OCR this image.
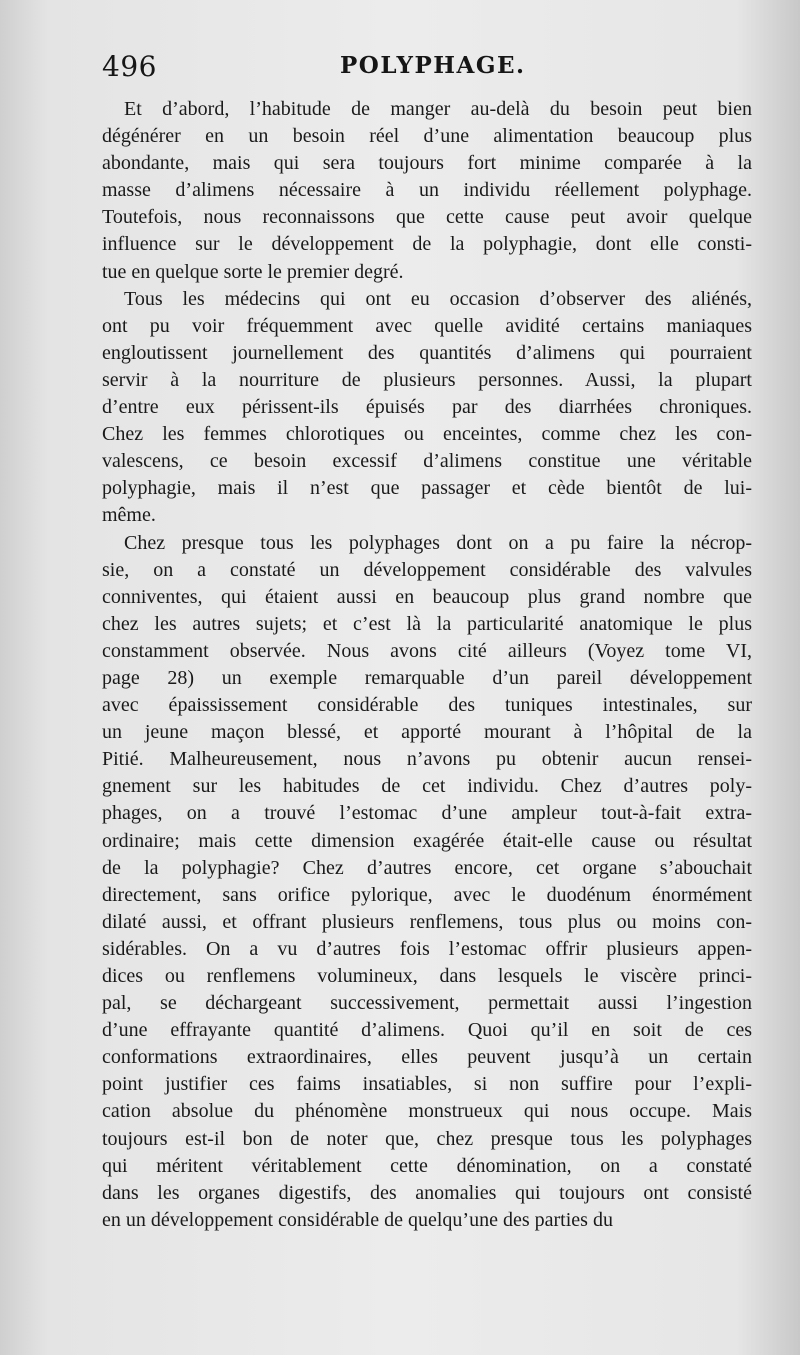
496	POLYPHAGE.
Et d’abord, l’habitude de manger au-delà du besoin peut bien
dégénérer en un besoin réel d’une alimentation beaucoup plus
abondante, mais qui sera toujours fort minime comparée à la
masse d’alimens nécessaire à un individu réellement polyphage.
Toutefois, nous reconnaissons que cette cause peut avoir quelque
influence sur le développement de la polyphagie, dont elle consti-
tue en quelque sorte le premier degré.
Tous les médecins qui ont eu occasion d’observer des aliénés,
ont pu voir fréquemment avec quelle avidité certains maniaques
engloutissent journellement des quantités d’alimens qui pourraient
servir à la nourriture de plusieurs personnes. Aussi, la plupart
d’entre eux périssent-ils épuisés par des diarrhées chroniques.
Chez les femmes chlorotiques ou enceintes, comme chez les con-
valescens, ce besoin excessif d’alimens constitue une véritable
polyphagie, mais il n’est que passager et cède bientôt de lui-
même.
Chez presque tous les polyphages dont on a pu faire la nécrop-
sie, on a constaté un développement considérable des valvules
conniventes, qui étaient aussi en beaucoup plus grand nombre que
chez les autres sujets; et c’est là la particularité anatomique le plus
constamment observée. Nous avons cité ailleurs (Voyez tome VI,
page 28) un exemple remarquable d’un pareil développement
avec épaississement considérable des tuniques intestinales, sur
un jeune maçon blessé, et apporté mourant à l’hôpital de la
Pitié. Malheureusement, nous n’avons pu obtenir aucun rensei-
gnement sur les habitudes de cet individu. Chez d’autres poly-
phages, on a trouvé l’estomac d’une ampleur tout-à-fait extra-
ordinaire; mais cette dimension exagérée était-elle cause ou résultat
de la polyphagie? Chez d’autres encore, cet organe s’abouchait
directement, sans orifice pylorique, avec le duodénum énormément
dilaté aussi, et offrant plusieurs renflemens, tous plus ou moins con-
sidérables. On a vu d’autres fois l’estomac offrir plusieurs appen-
dices ou renflemens volumineux, dans lesquels le viscère princi-
pal, se déchargeant successivement, permettait aussi l’ingestion
d’une effrayante quantité d’alimens. Quoi qu’il en soit de ces
conformations extraordinaires, elles peuvent jusqu’à un certain
point justifier ces faims insatiables, si non suffire pour l’expli-
cation absolue du phénomène monstrueux qui nous occupe. Mais
toujours est-il bon de noter que, chez presque tous les polyphages
qui méritent véritablement cette dénomination, on a constaté
dans les organes digestifs, des anomalies qui toujours ont consisté
en un développement considérable de quelqu’une des parties du
